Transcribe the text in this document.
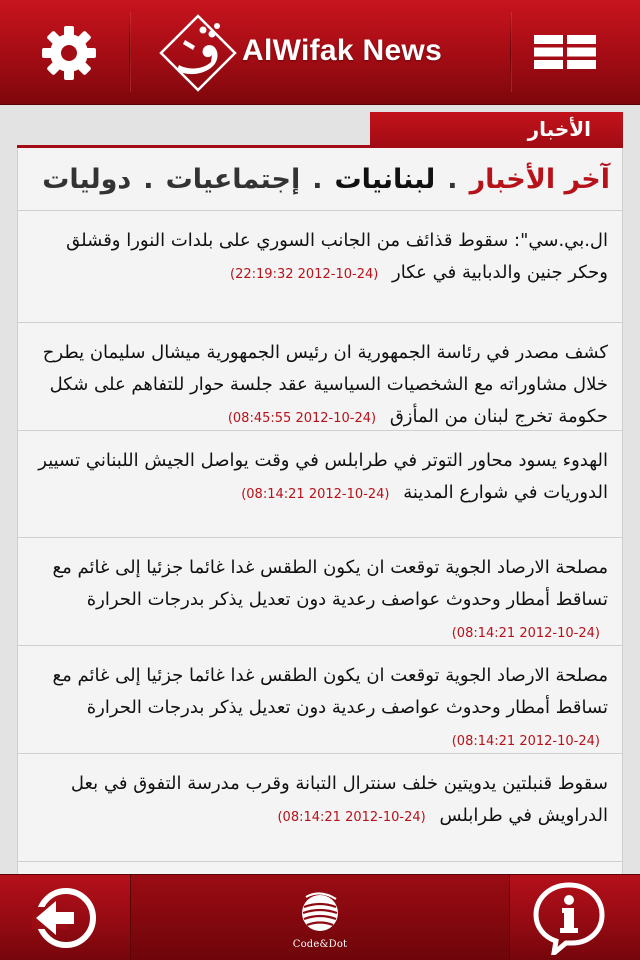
AlWifak News
الأخبار
آخر الأخبار
.
لبنانيات
.
إجتماعيات
.
دوليات
ال.بي.سي": سقوط قذائف من الجانب السوري على بلدات النورا وقشلق وحكر جنين والدبابية في عكار (24-10-2012 22:19:32)
كشف مصدر في رئاسة الجمهورية ان رئيس الجمهورية ميشال سليمان يطرح خلال مشاوراته مع الشخصيات السياسية عقد جلسة حوار للتفاهم على شكل حكومة تخرج لبنان من المأزق (24-10-2012 08:45:55)
الهدوء يسود محاور التوتر في طرابلس في وقت يواصل الجيش اللبناني تسيير الدوريات في شوارع المدينة (24-10-2012 08:14:21)
مصلحة الارصاد الجوية توقعت ان يكون الطقس غدا غائما جزئيا إلى غائم مع تساقط أمطار وحدوث عواصف رعدية دون تعديل يذكر بدرجات الحرارة (24-10-2012 08:14:21)
مصلحة الارصاد الجوية توقعت ان يكون الطقس غدا غائما جزئيا إلى غائم مع تساقط أمطار وحدوث عواصف رعدية دون تعديل يذكر بدرجات الحرارة (24-10-2012 08:14:21)
سقوط قنبلتين يدويتين خلف سنترال التبانة وقرب مدرسة التفوق في بعل الدراويش في طرابلس (24-10-2012 08:14:21)
Code&Dot
